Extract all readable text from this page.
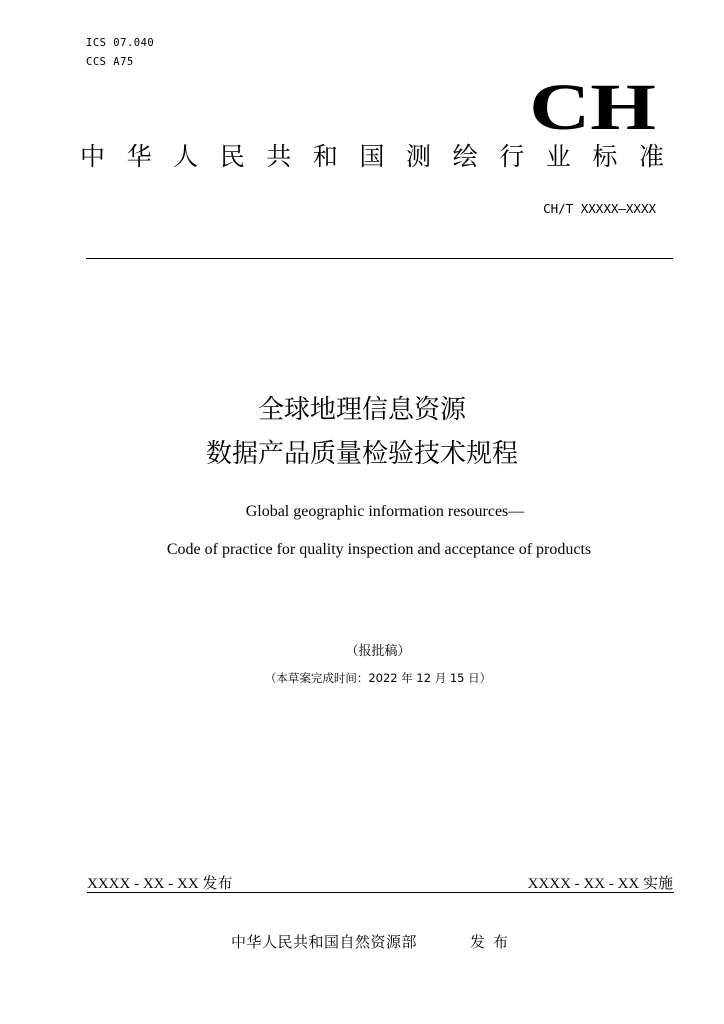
ICS 07.040
CCS A75
CH
中 华 人 民 共 和 国 测 绘 行 业 标 准
CH/T XXXXX—XXXX
全球地理信息资源
数据产品质量检验技术规程
Global geographic information resources—
Code of practice for quality inspection and acceptance of products
（报批稿）
（本草案完成时间：2022 年 12 月 15 日）
XXXX - XX - XX 发布	XXXX - XX - XX 实施
中华人民共和国自然资源部	发布
